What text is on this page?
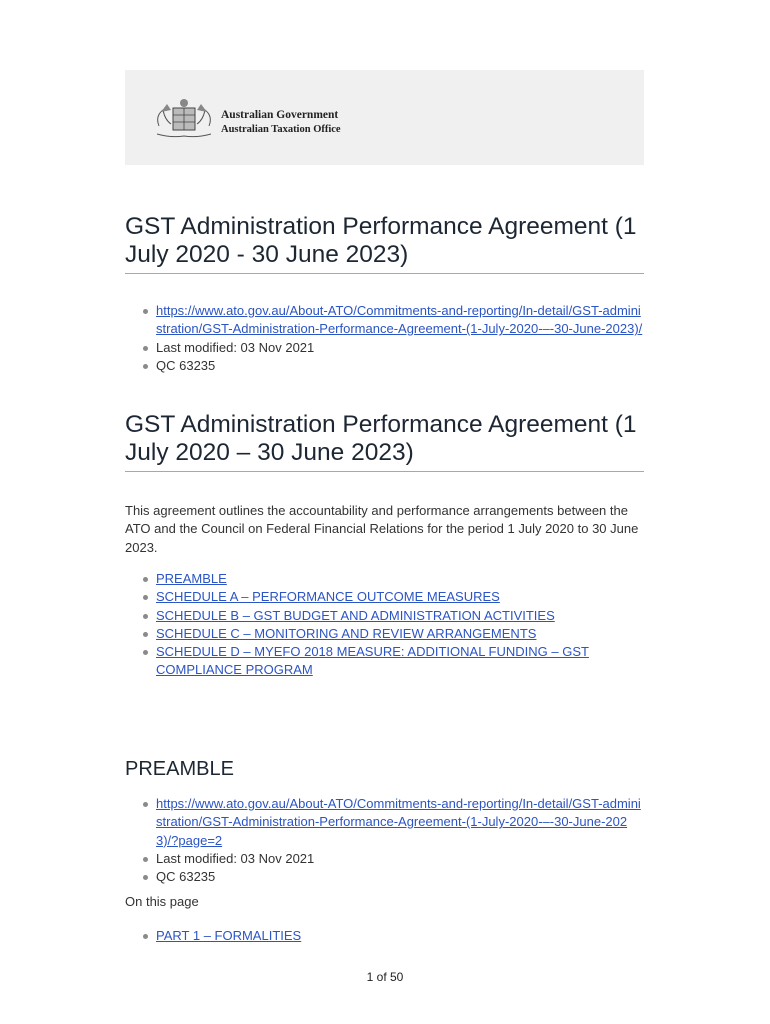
Australian Government
Australian Taxation Office
GST Administration Performance Agreement (1 July 2020 - 30 June 2023)
https://www.ato.gov.au/About-ATO/Commitments-and-reporting/In-detail/GST-administration/GST-Administration-Performance-Agreement-(1-July-2020-–-30-June-2023)/
Last modified: 03 Nov 2021
QC 63235
GST Administration Performance Agreement (1 July 2020 – 30 June 2023)

This agreement outlines the accountability and performance arrangements between the ATO and the Council on Federal Financial Relations for the period 1 July 2020 to 30 June 2023.

PREAMBLE
SCHEDULE A – PERFORMANCE OUTCOME MEASURES
SCHEDULE B – GST BUDGET AND ADMINISTRATION ACTIVITIES
SCHEDULE C – MONITORING AND REVIEW ARRANGEMENTS
SCHEDULE D – MYEFO 2018 MEASURE: ADDITIONAL FUNDING – GST COMPLIANCE PROGRAM
PREAMBLE
https://www.ato.gov.au/About-ATO/Commitments-and-reporting/In-detail/GST-administration/GST-Administration-Performance-Agreement-(1-July-2020-–-30-June-2023)/?page=2
Last modified: 03 Nov 2021
QC 63235

On this page

PART 1 – FORMALITIES
1 of 50
